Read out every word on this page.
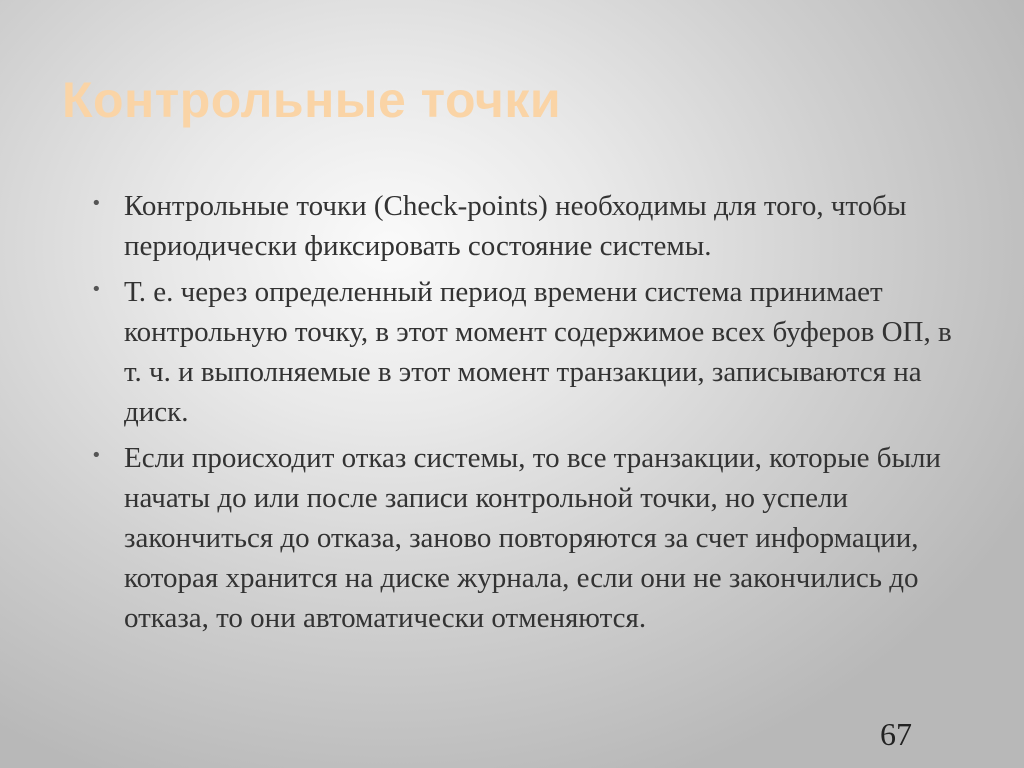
Контрольные точки
• Контрольные точки (Check-points) необходимы для того, чтобы периодически фиксировать состояние системы.
• Т. е. через определенный период времени система принимает контрольную точку, в этот момент содержимое всех буферов ОП, в т. ч. и выполняемые в этот момент транзакции, записываются на диск.
• Если происходит отказ системы, то все транзакции, которые были начаты до или после записи контрольной точки, но успели закончиться до отказа, заново повторяются за счет информации, которая хранится на диске журнала, если они не закончились до отказа, то они автоматически отменяются.
67
